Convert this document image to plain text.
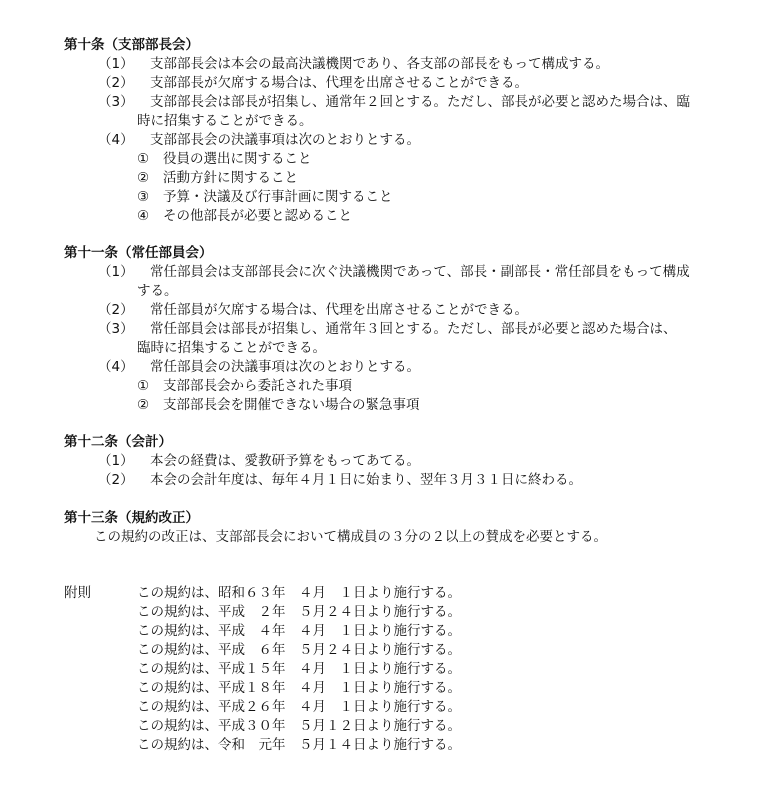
第十条（支部部長会）
（1） 支部部長会は本会の最高決議機関であり、各支部の部長をもって構成する。
（2） 支部部長が欠席する場合は、代理を出席させることができる。
（3） 支部部長会は部長が招集し、通常年２回とする。ただし、部長が必要と認めた場合は、臨
時に招集することができる。
（4） 支部部長会の決議事項は次のとおりとする。
① 役員の選出に関すること
② 活動方針に関すること
③ 予算・決議及び行事計画に関すること
④ その他部長が必要と認めること
第十一条（常任部員会）
（1） 常任部員会は支部部長会に次ぐ決議機関であって、部長・副部長・常任部員をもって構成
する。
（2） 常任部員が欠席する場合は、代理を出席させることができる。
（3） 常任部員会は部長が招集し、通常年３回とする。ただし、部長が必要と認めた場合は、
臨時に招集することができる。
（4） 常任部員会の決議事項は次のとおりとする。
① 支部部長会から委託された事項
② 支部部長会を開催できない場合の緊急事項
第十二条（会計）
（1） 本会の経費は、愛教研予算をもってあてる。
（2） 本会の会計年度は、毎年４月１日に始まり、翌年３月３１日に終わる。
第十三条（規約改正）
この規約の改正は、支部部長会において構成員の３分の２以上の賛成を必要とする。
附則	この規約は、昭和６３年　４月　１日より施行する。
この規約は、平成　２年　５月２４日より施行する。
この規約は、平成　４年　４月　１日より施行する。
この規約は、平成　６年　５月２４日より施行する。
この規約は、平成１５年　４月　１日より施行する。
この規約は、平成１８年　４月　１日より施行する。
この規約は、平成２６年　４月　１日より施行する。
この規約は、平成３０年　５月１２日より施行する。
この規約は、令和　元年　５月１４日より施行する。
